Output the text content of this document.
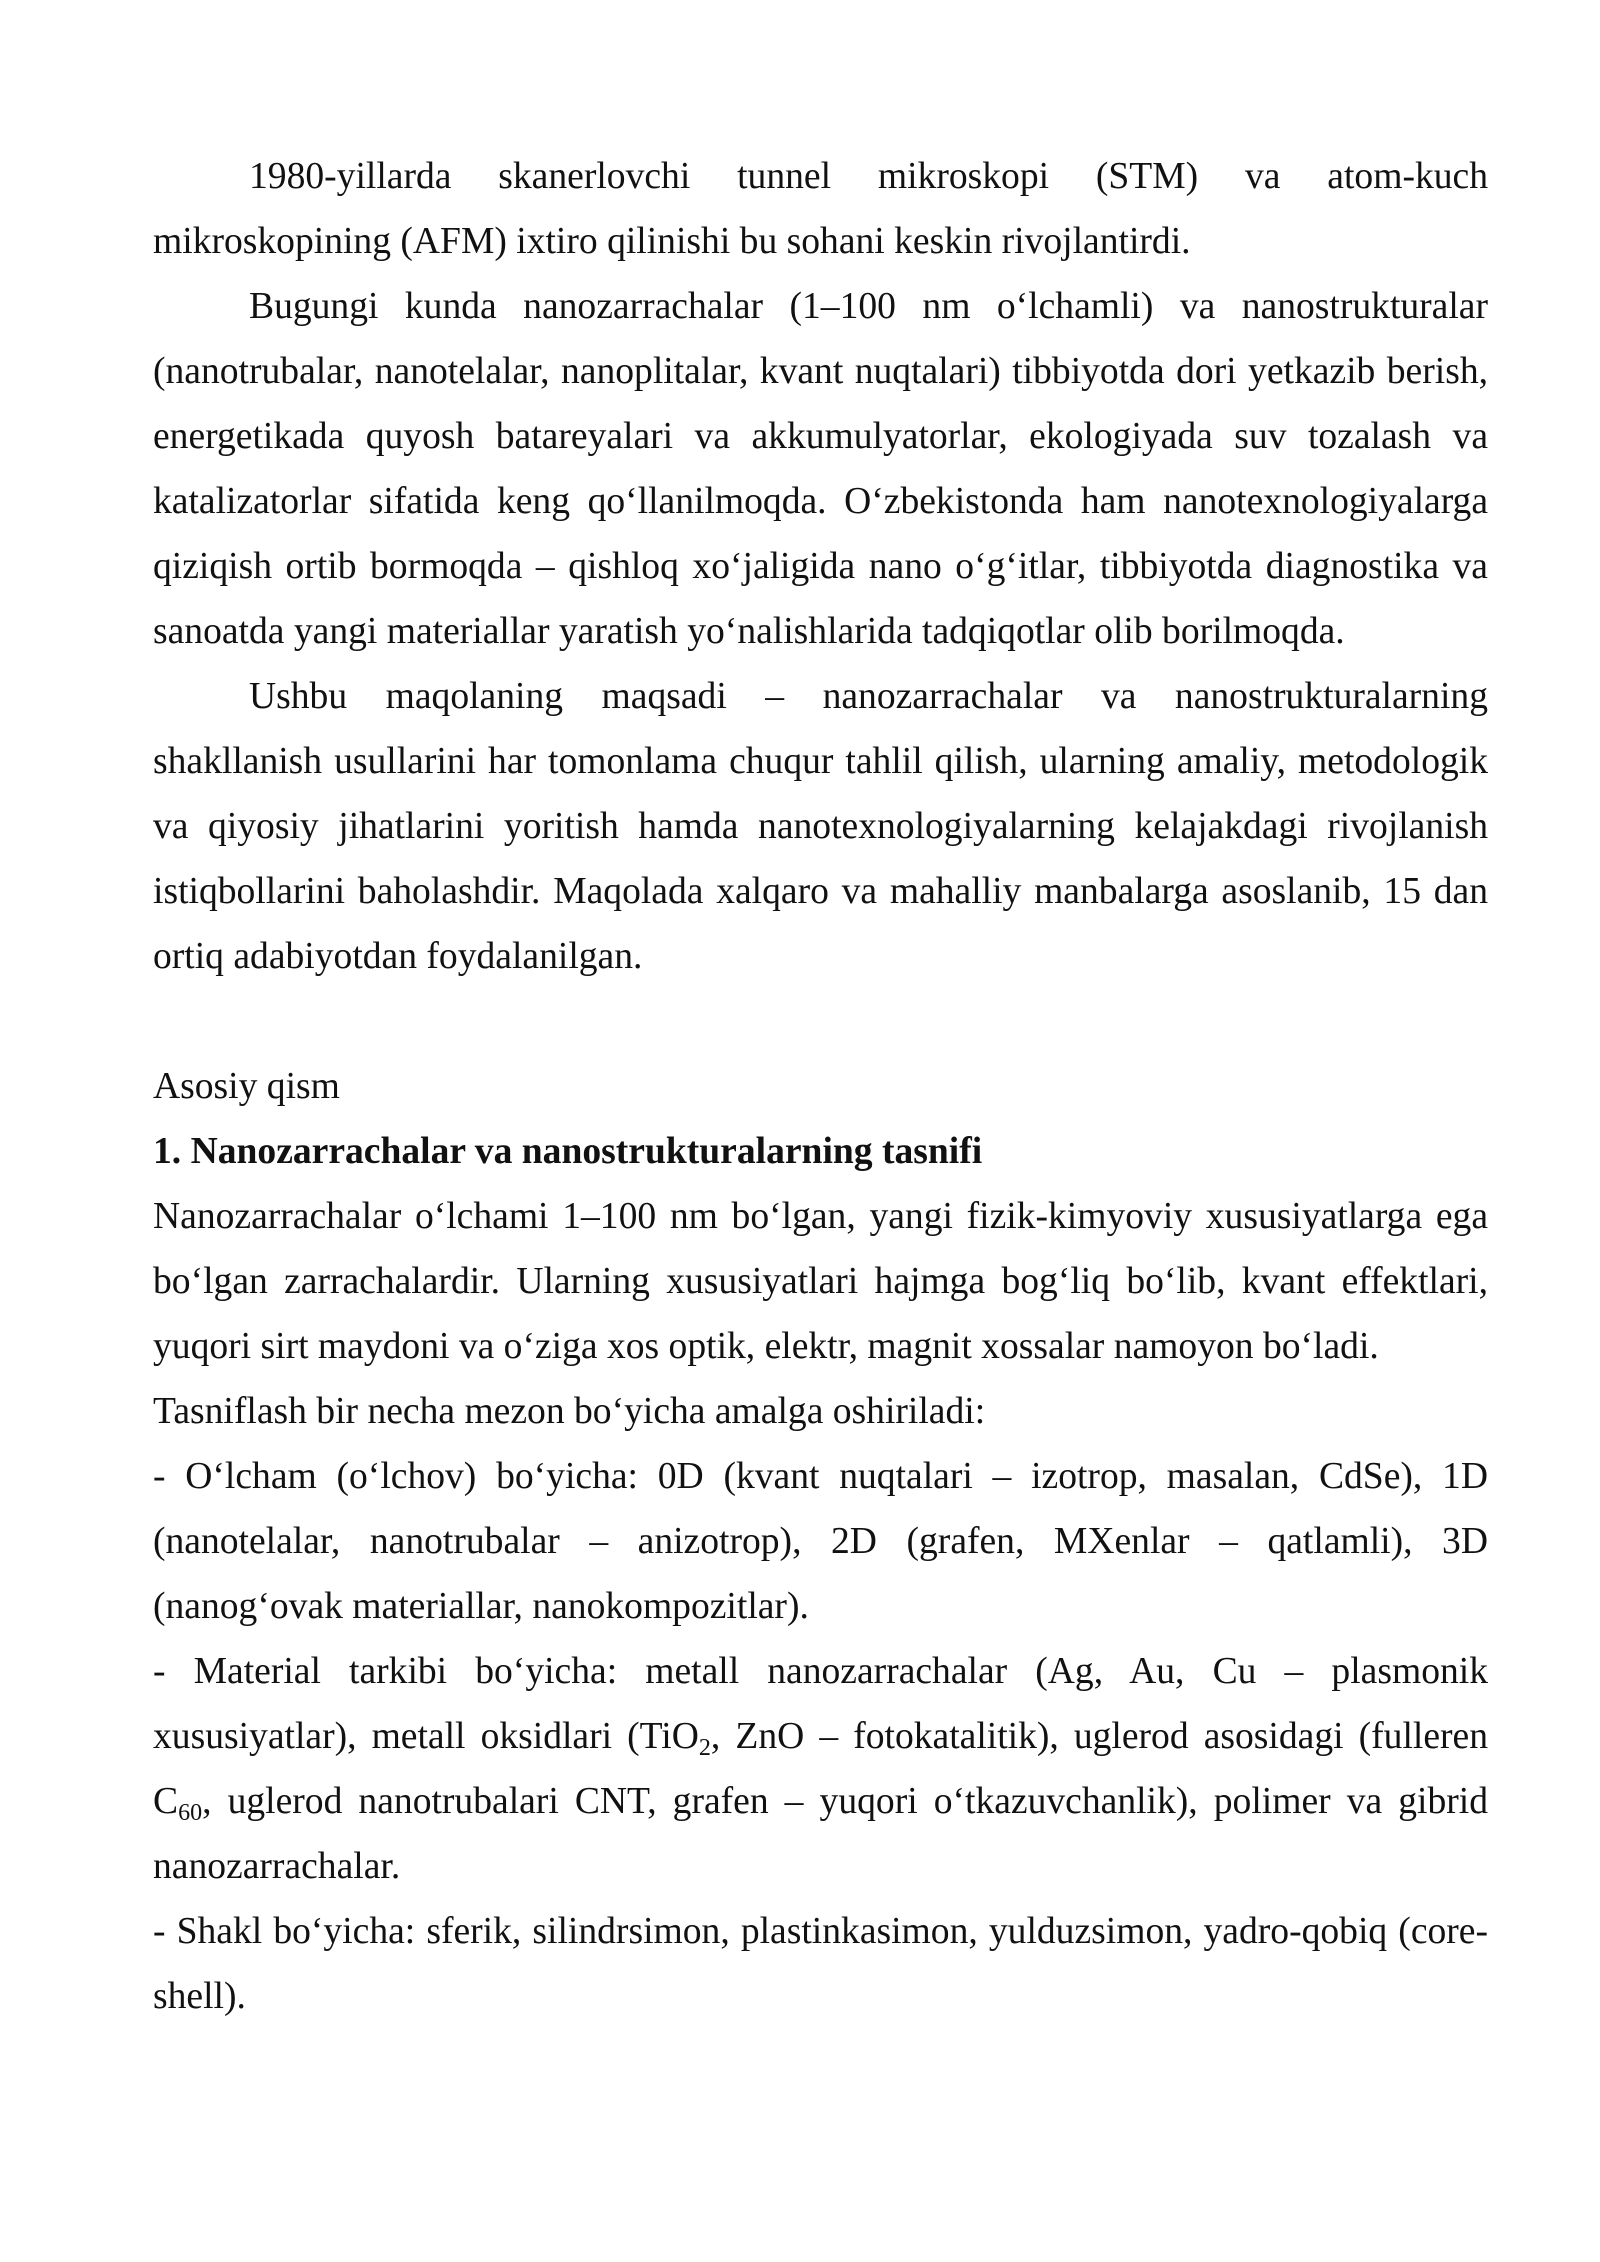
1980-yillarda skanerlovchi tunnel mikroskopi (STM) va atom-kuch mikroskopining (AFM) ixtiro qilinishi bu sohani keskin rivojlantirdi.

Bugungi kunda nanozarrachalar (1–100 nm o‘lchamli) va nanostrukturalar (nanotrubalar, nanotelalar, nanoplitalar, kvant nuqtalari) tibbiyotda dori yetkazib berish, energetikada quyosh batareyalari va akkumulyatorlar, ekologiyada suv tozalash va katalizatorlar sifatida keng qo‘llanilmoqda. O‘zbekistonda ham nanotexnologiyalarga qiziqish ortib bormoqda – qishloq xo‘jaligida nano o‘g‘itlar, tibbiyotda diagnostika va sanoatda yangi materiallar yaratish yo‘nalishlarida tadqiqotlar olib borilmoqda.

Ushbu maqolaning maqsadi – nanozarrachalar va nanostrukturalarning shakllanish usullarini har tomonlama chuqur tahlil qilish, ularning amaliy, metodologik va qiyosiy jihatlarini yoritish hamda nanotexnologiyalarning kelajakdagi rivojlanish istiqbollarini baholashdir. Maqolada xalqaro va mahalliy manbalarga asoslanib, 15 dan ortiq adabiyotdan foydalanilgan.

Asosiy qism

1. Nanozarrachalar va nanostrukturalarning tasnifi

Nanozarrachalar o‘lchami 1–100 nm bo‘lgan, yangi fizik-kimyoviy xususiyatlarga ega bo‘lgan zarrachalardir. Ularning xususiyatlari hajmga bog‘liq bo‘lib, kvant effektlari, yuqori sirt maydoni va o‘ziga xos optik, elektr, magnit xossalar namoyon bo‘ladi.

Tasniflash bir necha mezon bo‘yicha amalga oshiriladi:

- O‘lcham (o‘lchov) bo‘yicha: 0D (kvant nuqtalari – izotrop, masalan, CdSe), 1D (nanotelalar, nanotrubalar – anizotrop), 2D (grafen, MXenlar – qatlamli), 3D (nanog‘ovak materiallar, nanokompozitlar).

- Material tarkibi bo‘yicha: metall nanozarrachalar (Ag, Au, Cu – plasmonik xususiyatlar), metall oksidlari (TiO2, ZnO – fotokatalitik), uglerod asosidagi (fulleren C60, uglerod nanotrubalari CNT, grafen – yuqori o‘tkazuvchanlik), polimer va gibrid nanozarrachalar.

- Shakl bo‘yicha: sferik, silindrsimon, plastinkasimon, yulduzsimon, yadro-qobiq (core-shell).
